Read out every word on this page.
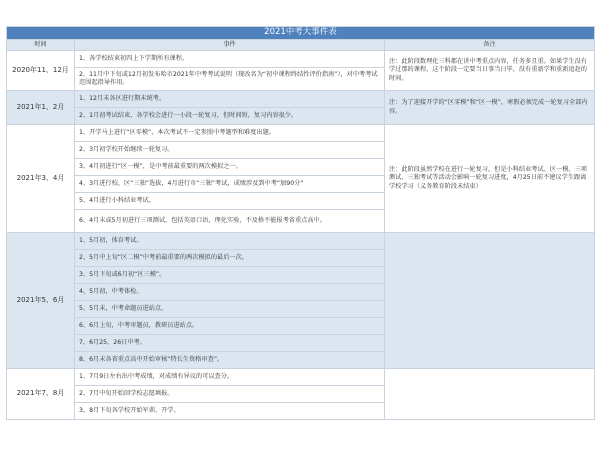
2021中考大事件表		
时间	事件	备注
2020年11、12月	1、各学校结束初四上下学期所有课程。	注：此阶段数理化三科都在讲中考重点内容，任务多且重。如果学生没有学过那的课程，这个阶段一定要当日事当日毕，没有重新学和重新追赶的时间。
	2、11月中下旬或12月初发布哈市2021年中考考试说明（现改名为“初中课程终结性评价指南”），对中考考试范围起指导作用。	
2021年1、2月	1、12月末各区进行期末统考。	注：为了迎接开学的“区零模”和“区一模”，寒假必须完成一轮复习全部内容。
	2、1月初考试结束，各学校会进行一小段一轮复习，但时间短，复习内容很少。	
2021年3、4月	1、开学马上进行“区零模”，本次考试不一定参照中考题型和难度出题。	注：此阶段虽然学校在进行一轮复习，但是小科结业考试、区一模、三项测试、三独考试等活动会影响一轮复习进度，4月25日前不建议学生跟离学校学习（义务教育阶段未结束）
	2、3月初学校开始继续一轮复习。	
	3、4月初进行“区一模”，是中考前最重要的两次模拟之一。	
	4、3月进行校、区“三独”选拔，4月进行市“三独”考试，成绩涉及到中考“加90分”	
	5、4月进行小科结业考试。	
	6、4月末或5月初进行三项测试，包括英语口语，理化实验，不及格不能报考省重点高中。	
2021年5、6月	1、5月初，体育考试。	
	2、5月中上旬“区二模”中考前最重要的两次模拟的最后一次。	
	3、5月下旬或6月初“区三模”。	
	4、5月初，中考体检。	
	5、5月末，中考命题员进站点。	
	6、6月上旬，中考审题员，教研员进站点。	
	7、6月25、26日中考。	
	8、6月末各省重点高中开始审核“特长生资格审查”。	
2021年7、8月	1、7月9日左右出中考成绩，对成绩有异议的可以查分。	
	2、7月中旬开始回学校志愿填报。	
	3、8月下旬各学校开始军训、开学。	
